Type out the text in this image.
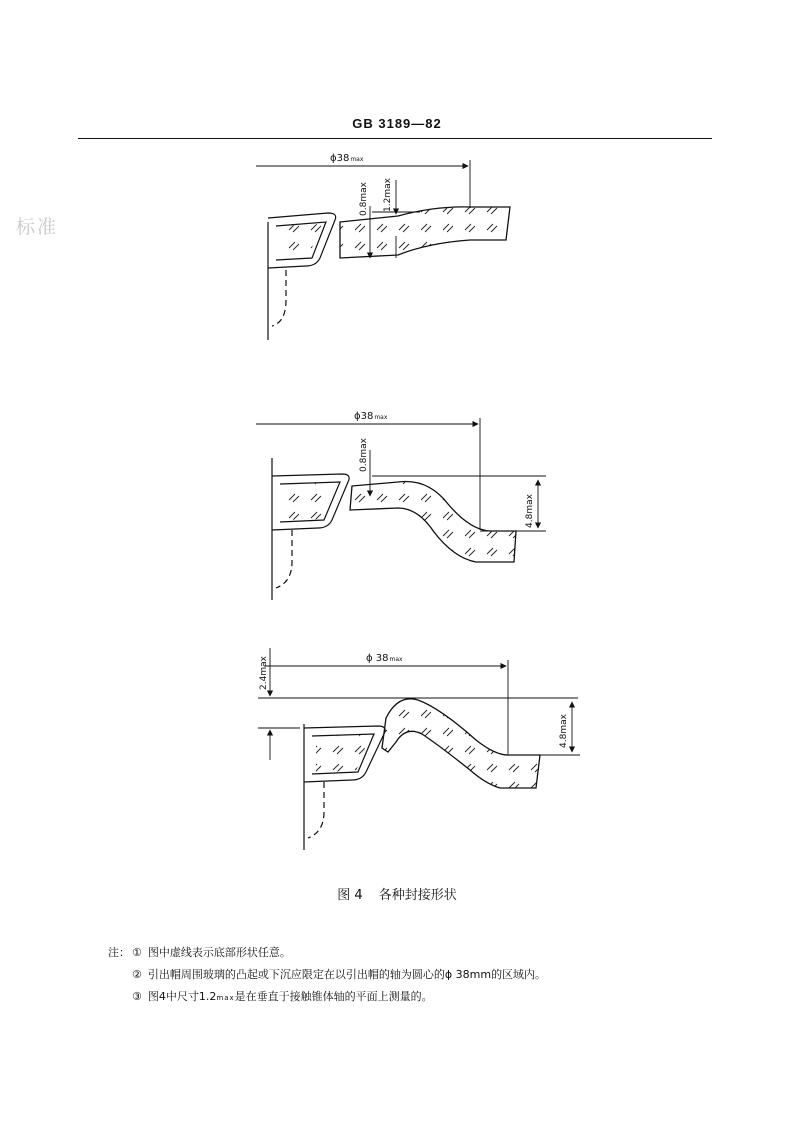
GB 3189—82
标准
ϕ38max
0.8max 1.2max
ϕ38max
0.8max
4.8max
ϕ 38max
2.4max
4.8max
图 4 各种封接形状
注： ① 图中虚线表示底部形状任意。
② 引出帽周围玻璃的凸起或下沉应限定在以引出帽的轴为圆心的ϕ 38mm的区域内。
③ 图4中尺寸1.2max是在垂直于接触锥体轴的平面上测量的。
